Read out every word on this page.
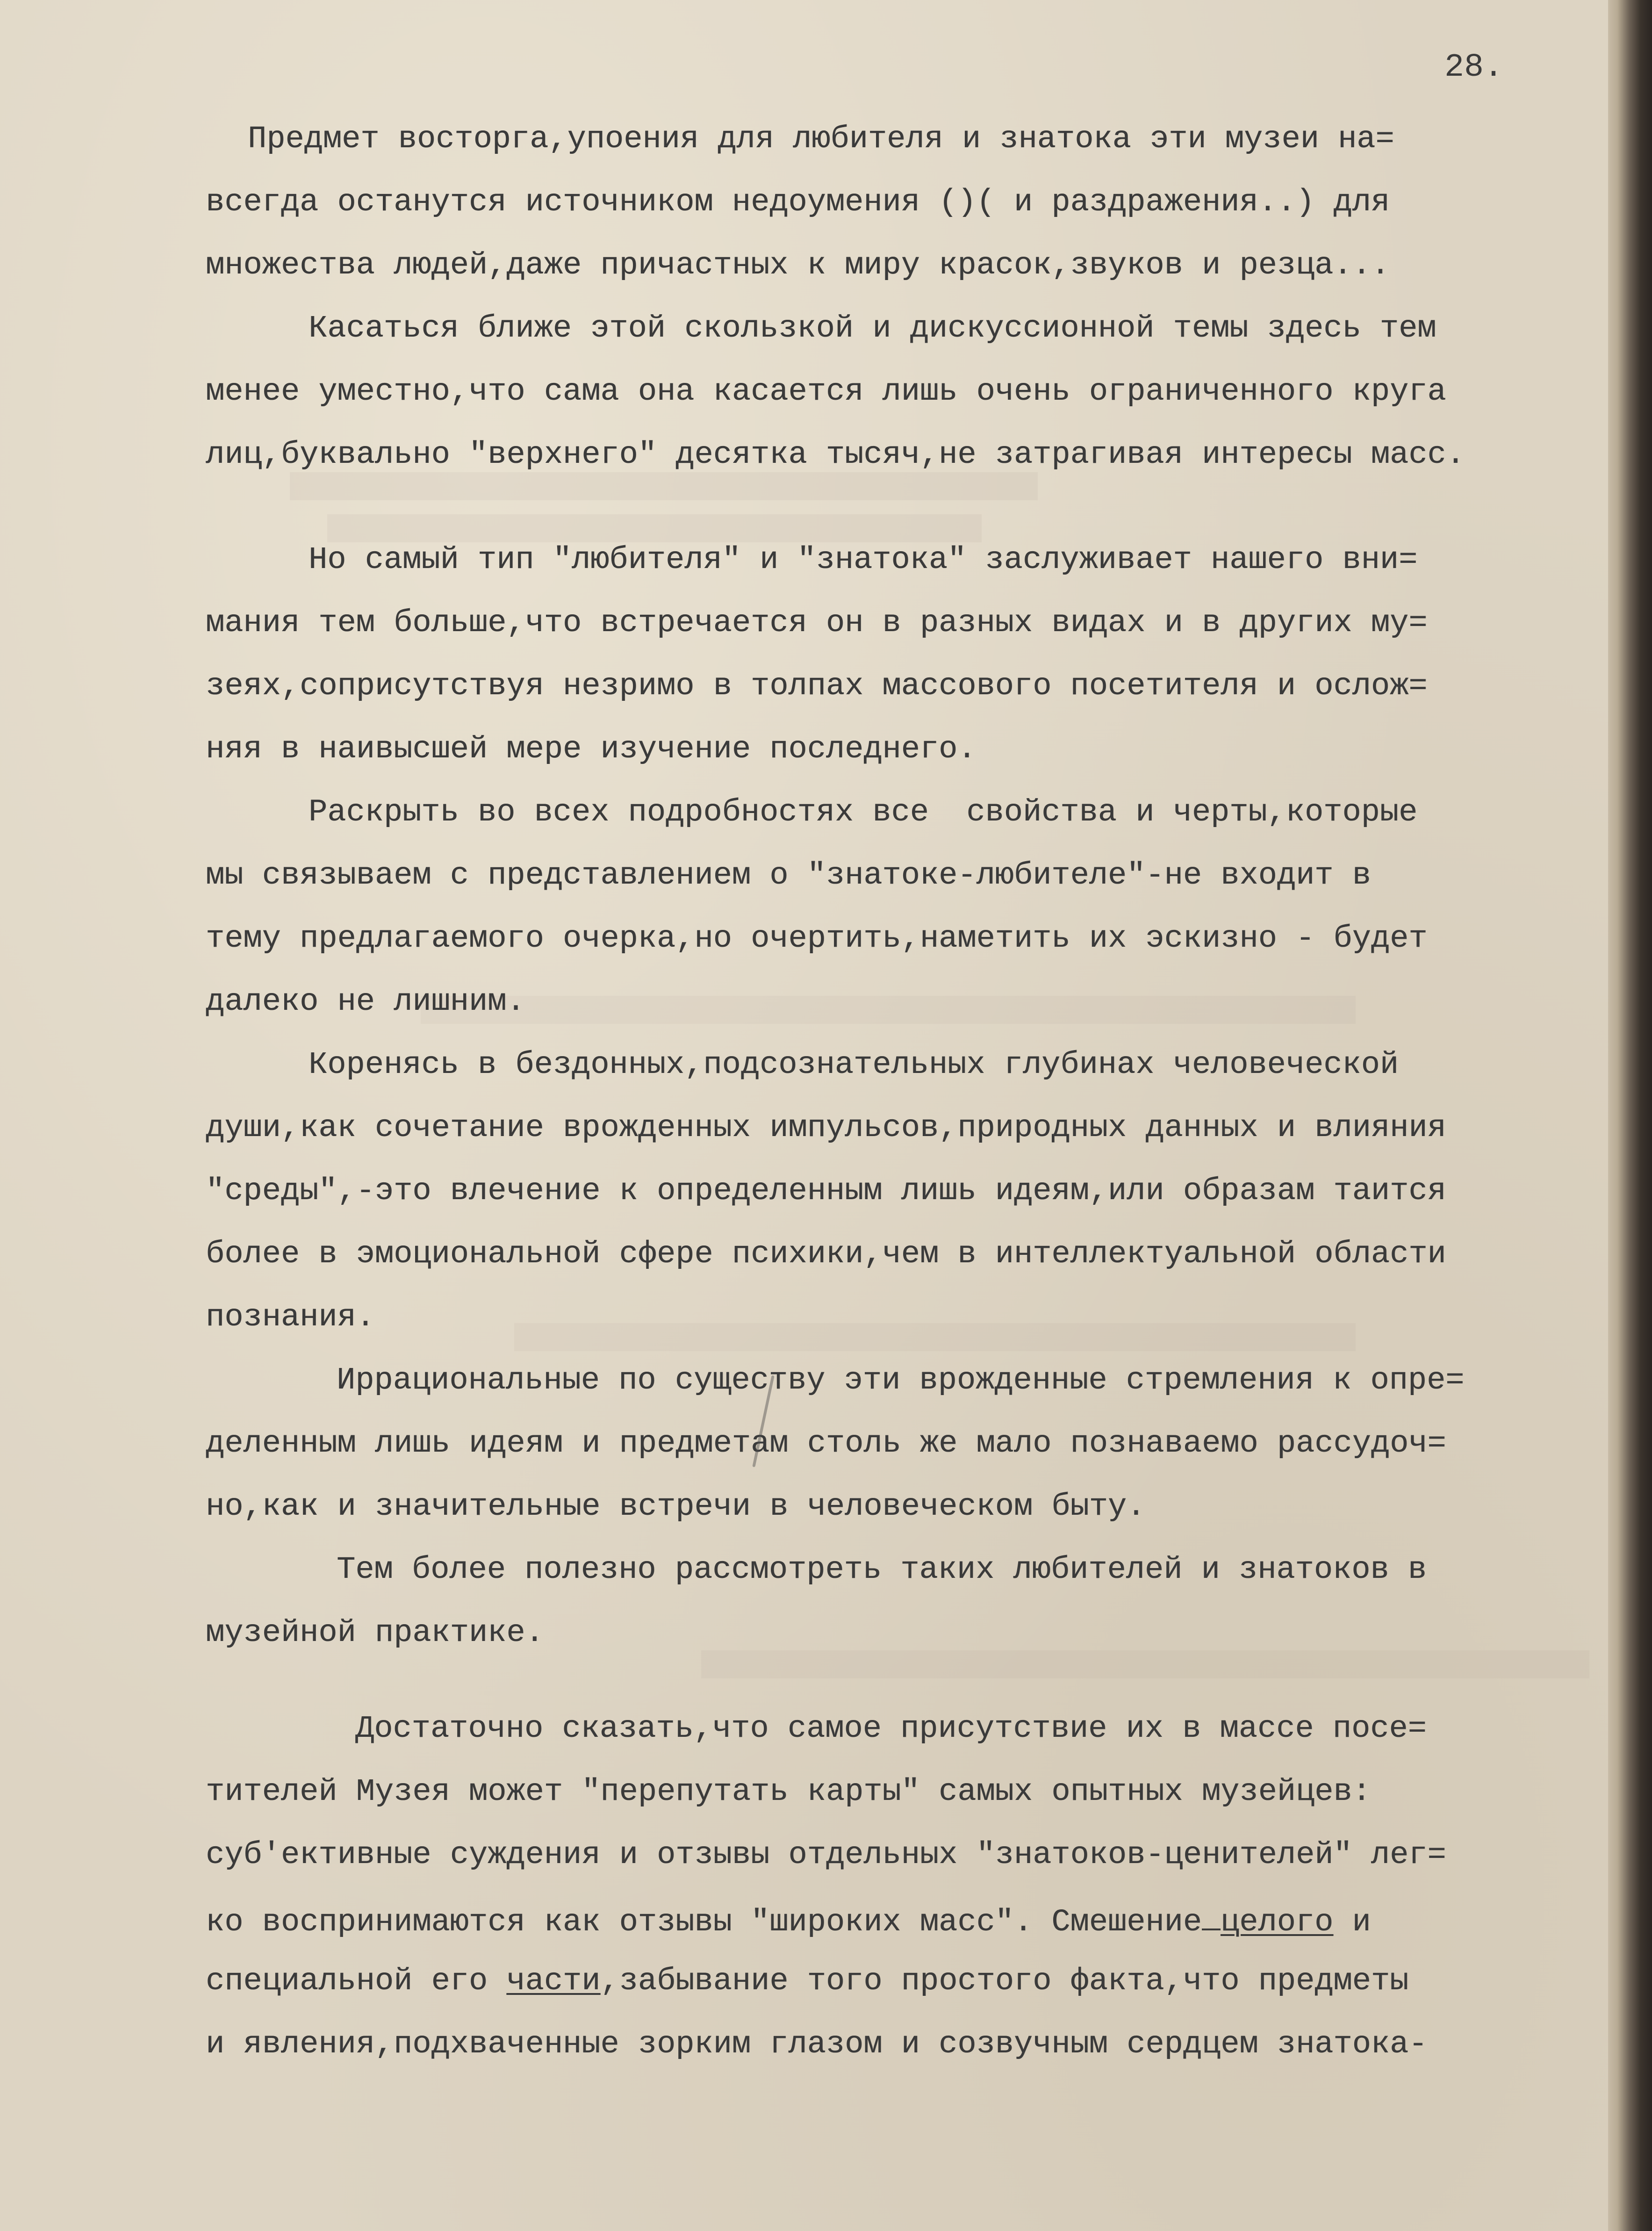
28.

Предмет восторга,упоения для любителя и знатока эти музеи на=

всегда останутся источником недоумения ()( и раздражения..) для

множества людей,даже причастных к миру красок,звуков и резца...

Касаться ближе этой скользкой и дискуссионной темы здесь тем

менее уместно,что сама она касается лишь очень ограниченного круга

лиц,буквально "верхнего" десятка тысяч,не затрагивая интересы масс.

Но самый тип "любителя" и "знатока" заслуживает нашего вни=

мания тем больше,что встречается он в разных видах и в других му=

зеях,соприсутствуя незримо в толпах массового посетителя и ослож=

няя в наивысшей мере изучение последнего.

Раскрыть во всех подробностях все  свойства и черты,которые

мы связываем с представлением о "знатоке-любителе"-не входит в

тему предлагаемого очерка,но очертить,наметить их эскизно - будет

далеко не лишним.

Коренясь в бездонных,подсознательных глубинах человеческой

души,как сочетание врожденных импульсов,природных данных и влияния

"среды",-это влечение к определенным лишь идеям,или образам таится

более в эмоциональной сфере психики,чем в интеллектуальной области

познания.

Иррациональные по существу эти врожденные стремления к опре=

деленным лишь идеям и предметам столь же мало познаваемо рассудоч=

но,как и значительные встречи в человеческом быту.

Тем более полезно рассмотреть таких любителей и знатоков в

музейной практике.

Достаточно сказать,что самое присутствие их в массе посе=

тителей Музея может "перепутать карты" самых опытных музейцев:

суб'ективные суждения и отзывы отдельных "знатоков-ценителей" лег=

ко воспринимаются как отзывы "широких масс". Смешение целого и

специальной его части,забывание того простого факта,что предметы

и явления,подхваченные зорким глазом и созвучным сердцем знатока-
